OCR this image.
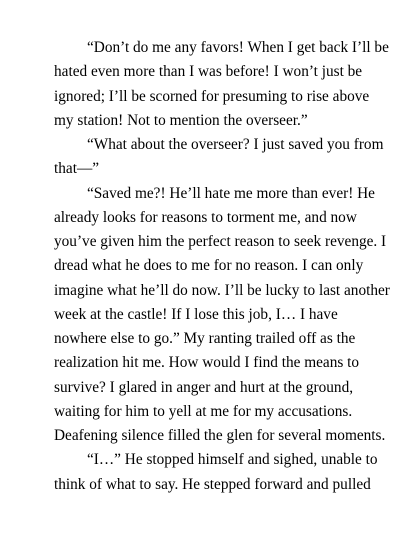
“Don’t do me any favors! When I get back I’ll be
hated even more than I was before! I won’t just be
ignored; I’ll be scorned for presuming to rise above
my station! Not to mention the overseer.”
“What about the overseer? I just saved you from
that—”
“Saved me?! He’ll hate me more than ever! He
already looks for reasons to torment me, and now
you’ve given him the perfect reason to seek revenge. I
dread what he does to me for no reason. I can only
imagine what he’ll do now. I’ll be lucky to last another
week at the castle! If I lose this job, I… I have
nowhere else to go.” My ranting trailed off as the
realization hit me. How would I find the means to
survive? I glared in anger and hurt at the ground,
waiting for him to yell at me for my accusations.
Deafening silence filled the glen for several moments.
“I…” He stopped himself and sighed, unable to
think of what to say. He stepped forward and pulled
